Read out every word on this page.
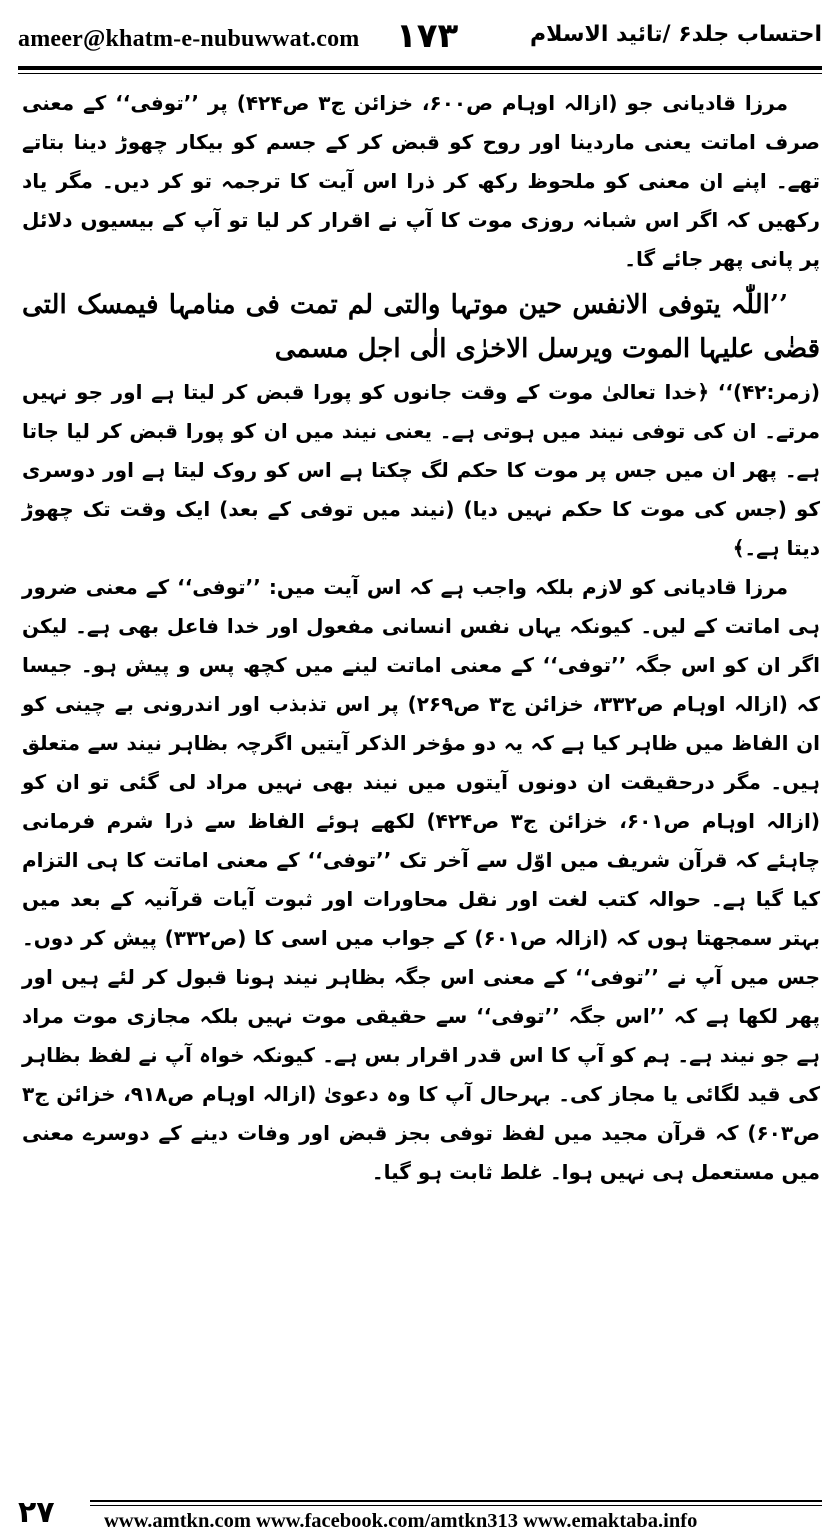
ameer@khatm-e-nubuwwat.com ۱۷۳	احتساب جلد۶ /تائید الاسلام

مرزا قادیانی جو (ازالہ اوہام ص۶۰۰، خزائن ج۳ ص۴۲۴) پر ’’توفی‘‘ کے معنی صرف اماتت یعنی ماردینا اور روح کو قبض کر کے جسم کو بیکار چھوڑ دینا بتاتے تھے۔ اپنے ان معنی کو ملحوظ رکھ کر ذرا اس آیت کا ترجمہ تو کر دیں۔ مگر یاد رکھیں کہ اگر اس شبانہ روزی موت کا آپ نے اقرار کر لیا تو آپ کے بیسیوں دلائل پر پانی پھر جائے گا۔

’’اللّٰہ یتوفی الانفس حین موتہا والتی لم تمت فی منامہا فیمسک التی قضٰی علیہا الموت ویرسل الاخرٰی الٰی اجل مسمی

(زمر:۴۲)‘‘ ﴿خدا تعالیٰ موت کے وقت جانوں کو پورا قبض کر لیتا ہے اور جو نہیں مرتے۔ ان کی توفی نیند میں ہوتی ہے۔ یعنی نیند میں ان کو پورا قبض کر لیا جاتا ہے۔ پھر ان میں جس پر موت کا حکم لگ چکتا ہے اس کو روک لیتا ہے اور دوسری کو (جس کی موت کا حکم نہیں دیا) (نیند میں توفی کے بعد) ایک وقت تک چھوڑ دیتا ہے۔﴾

مرزا قادیانی کو لازم بلکہ واجب ہے کہ اس آیت میں: ’’توفی‘‘ کے معنی ضرور ہی اماتت کے لیں۔ کیونکہ یہاں نفس انسانی مفعول اور خدا فاعل بھی ہے۔ لیکن اگر ان کو اس جگہ ’’توفی‘‘ کے معنی اماتت لینے میں کچھ پس و پیش ہو۔ جیسا کہ (ازالہ اوہام ص۳۳۲، خزائن ج۳ ص۲۶۹) پر اس تذبذب اور اندرونی بے چینی کو ان الفاظ میں ظاہر کیا ہے کہ یہ دو مؤخر الذکر آیتیں اگرچہ بظاہر نیند سے متعلق ہیں۔ مگر درحقیقت ان دونوں آیتوں میں نیند بھی نہیں مراد لی گئی تو ان کو (ازالہ اوہام ص۶۰۱، خزائن ج۳ ص۴۲۴) لکھے ہوئے الفاظ سے ذرا شرم فرمانی چاہئے کہ قرآن شریف میں اوّل سے آخر تک ’’توفی‘‘ کے معنی اماتت کا ہی التزام کیا گیا ہے۔ حوالہ کتب لغت اور نقل محاورات اور ثبوت آیات قرآنیہ کے بعد میں بہتر سمجھتا ہوں کہ (ازالہ ص۶۰۱) کے جواب میں اسی کا (ص۳۳۲) پیش کر دوں۔ جس میں آپ نے ’’توفی‘‘ کے معنی اس جگہ بظاہر نیند ہونا قبول کر لئے ہیں اور پھر لکھا ہے کہ ’’اس جگہ ’’توفی‘‘ سے حقیقی موت نہیں بلکہ مجازی موت مراد ہے جو نیند ہے۔ ہم کو آپ کا اس قدر اقرار بس ہے۔ کیونکہ خواہ آپ نے لفظ بظاہر کی قید لگائی یا مجاز کی۔ بہرحال آپ کا وہ دعویٰ (ازالہ اوہام ص۹۱۸، خزائن ج۳ ص۶۰۳) کہ قرآن مجید میں لفظ توفی بجز قبض اور وفات دینے کے دوسرے معنی میں مستعمل ہی نہیں ہوا۔ غلط ثابت ہو گیا۔

۲۷ www.amtkn.com www.facebook.com/amtkn313 www.emaktaba.info
